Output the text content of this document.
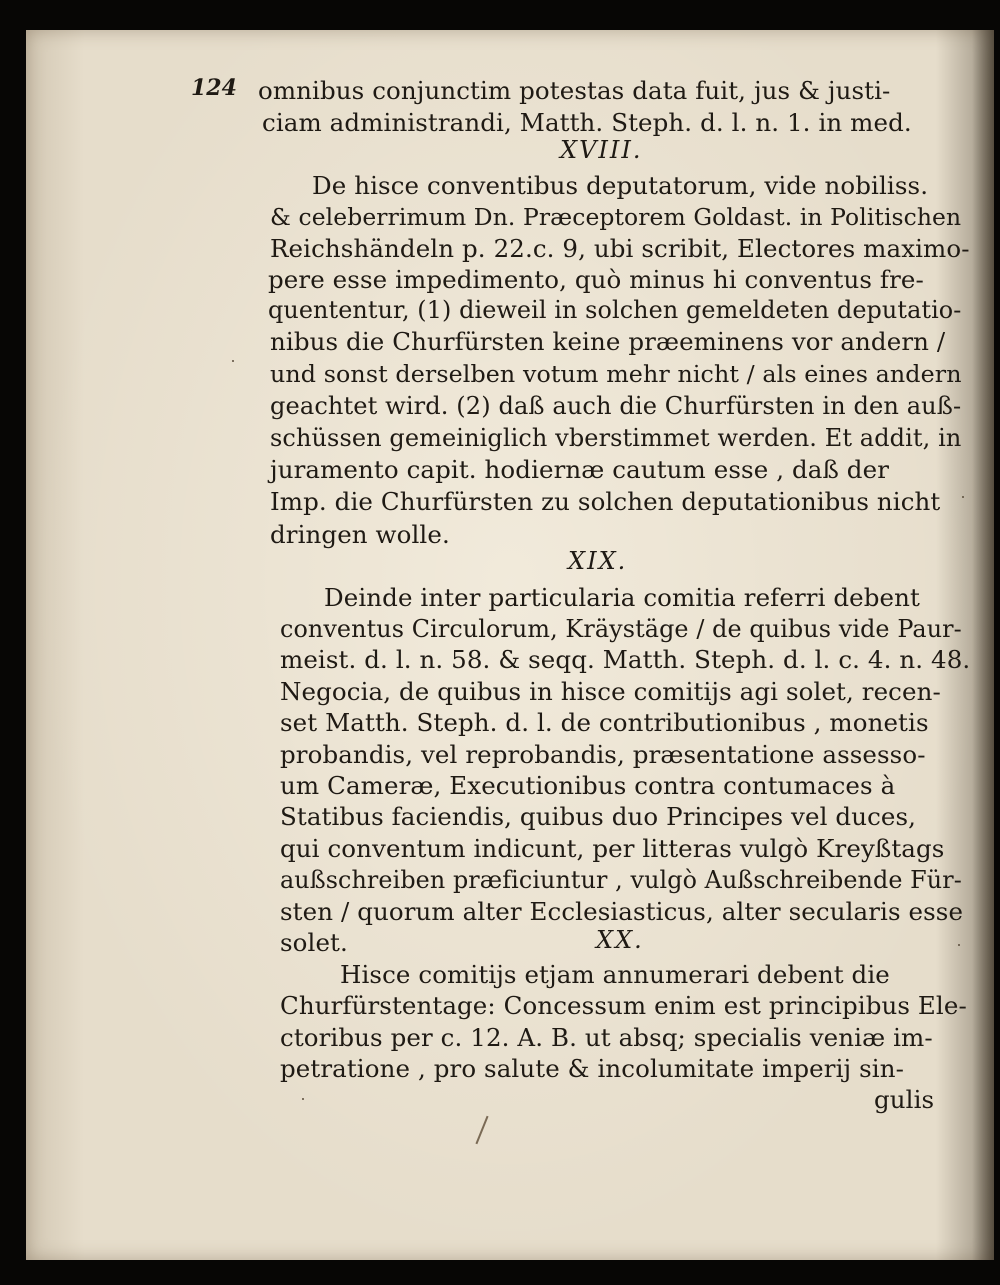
124 omnibus conjunctim potestas data fuit, jus & justi-
ciam administrandi, Matth. Steph. d. l. n. 1. in med.
XVIII.
De hisce conventibus deputatorum, vide nobiliss.
& celeberrimum Dn. Præceptorem Goldast. in Politischen
Reichshändeln p. 22.c. 9, ubi scribit, Electores maximo-
pere esse impedimento, quò minus hi conventus fre-
quententur, (1) dieweil in solchen gemeldeten deputatio-
nibus die Churfürsten keine præeminens vor andern /
und sonst derselben votum mehr nicht / als eines andern
geachtet wird. (2) daß auch die Churfürsten in den auß-
schüssen gemeiniglich vberstimmet werden. Et addit, in
juramento capit. hodiernæ cautum esse , daß der
Imp. die Churfürsten zu solchen deputationibus nicht
dringen wolle.
XIX.
Deinde inter particularia comitia referri debent
conventus Circulorum, Kräystäge / de quibus vide Paur-
meist. d. l. n. 58. & seqq. Matth. Steph. d. l. c. 4. n. 48.
Negocia, de quibus in hisce comitijs agi solet, recen-
set Matth. Steph. d. l. de contributionibus , monetis
probandis, vel reprobandis, præsentatione assesso-
um Cameræ, Executionibus contra contumaces à
Statibus faciendis, quibus duo Principes vel duces,
qui conventum indicunt, per litteras vulgò Kreyßtags
außschreiben præficiuntur , vulgò Außschreibende Für-
sten / quorum alter Ecclesiasticus, alter secularis esse
solet.	XX.
Hisce comitijs etjam annumerari debent die
Churfürstentage: Concessum enim est principibus Ele-
ctoribus per c. 12. A. B. ut absq; specialis veniæ im-
petratione , pro salute & incolumitate imperij sin-
gulis
